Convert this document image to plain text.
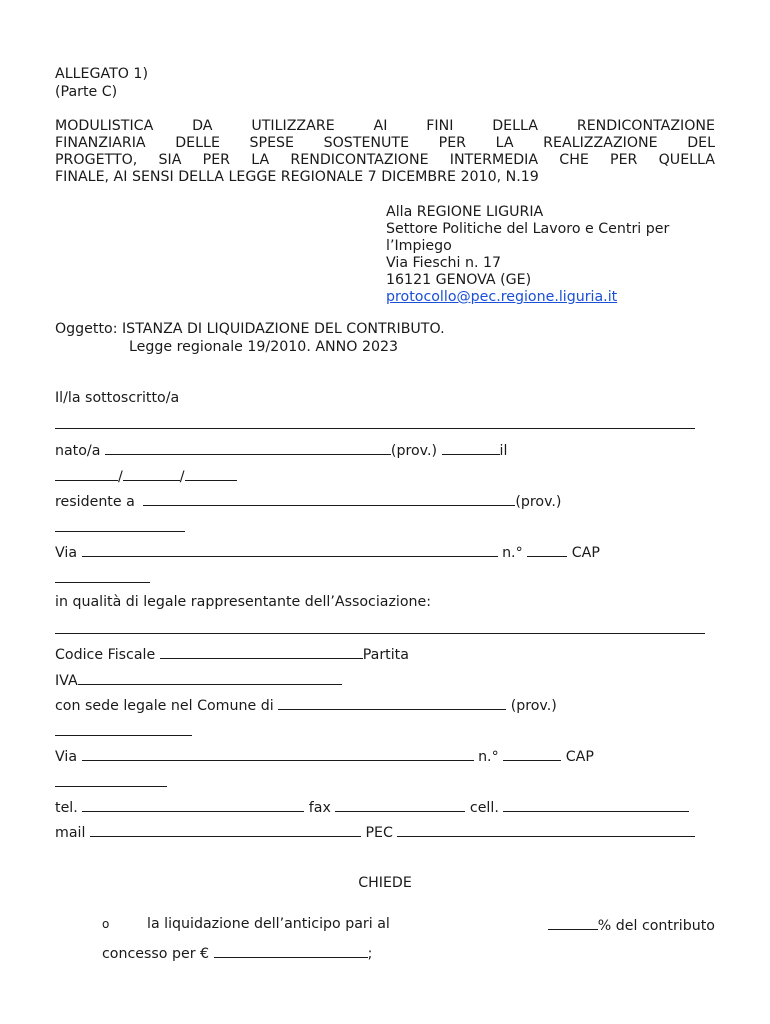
ALLEGATO 1)
(Parte C)
MODULISTICA DA UTILIZZARE AI FINI DELLA RENDICONTAZIONE
FINANZIARIA DELLE SPESE SOSTENUTE PER LA REALIZZAZIONE DEL
PROGETTO, SIA PER LA RENDICONTAZIONE INTERMEDIA CHE PER QUELLA
FINALE, AI SENSI DELLA LEGGE REGIONALE 7 DICEMBRE 2010, N.19
Alla REGIONE LIGURIA
Settore Politiche del Lavoro e Centri per
l’Impiego
Via Fieschi n. 17
16121 GENOVA (GE)
protocollo@pec.regione.liguria.it
Oggetto: ISTANZA DI LIQUIDAZIONE DEL CONTRIBUTO.
Legge regionale 19/2010. ANNO 2023
Il/la sottoscritto/a
nato/a	(prov.)	il
/	/
residente a	(prov.)
Via	n.°	CAP
in qualità di legale rappresentante dell’Associazione:
Codice Fiscale	Partita
IVA
con sede legale nel Comune di	(prov.)
Via	n.°	CAP
tel.	fax	cell.
mail	PEC
CHIEDE
o	la liquidazione dell’anticipo pari al	% del contributo
concesso per €	;
